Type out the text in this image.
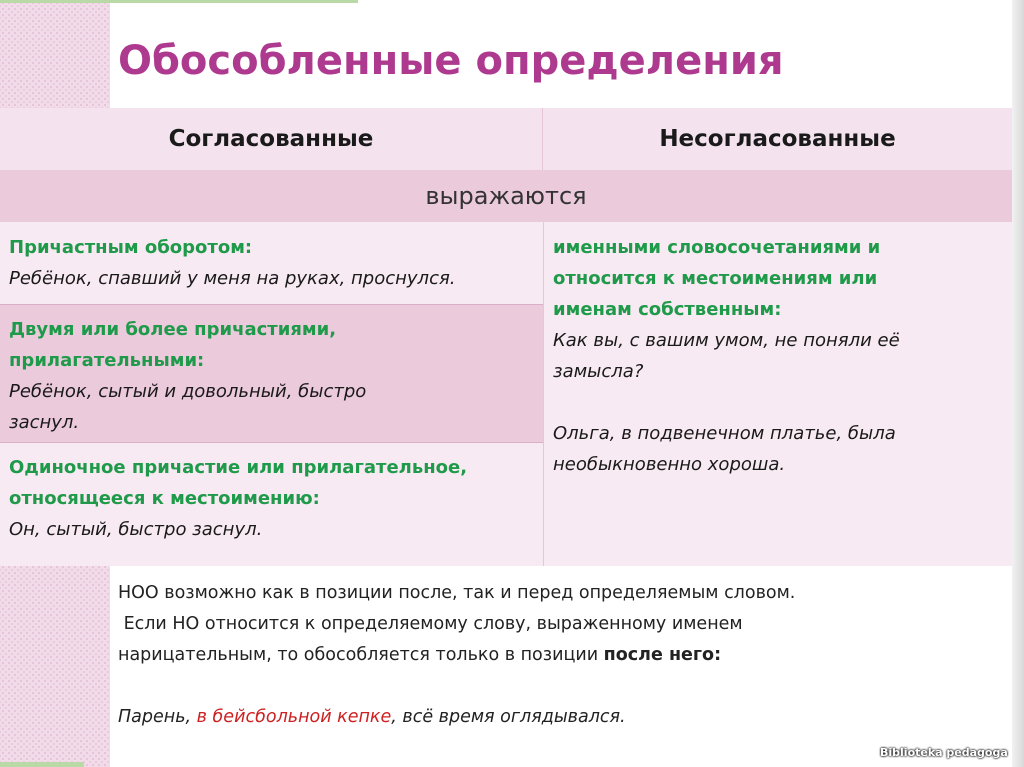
Обособленные определения
Согласованные	Несогласованные
выражаются
Причастным оборотом:
Ребёнок, спавший у меня на руках, проснулся.
Двумя или более причастиями,
прилагательными:
Ребёнок, сытый и довольный, быстро
заснул.
Одиночное причастие или прилагательное,
относящееся к местоимению:
Он, сытый, быстро заснул.
именными словосочетаниями и
относится к местоимениям или
именам собственным:
Как вы, с вашим умом, не поняли её
замысла?
Ольга, в подвенечном платье, была
необыкновенно хороша.

НОО возможно как в позиции после, так и перед определяемым словом.

Если НО относится к определяемому слову, выраженному именем

нарицательным, то обособляется только в позиции после него:

Парень, в бейсбольной кепке, всё время оглядывался.

Biblioteka pedagoga
